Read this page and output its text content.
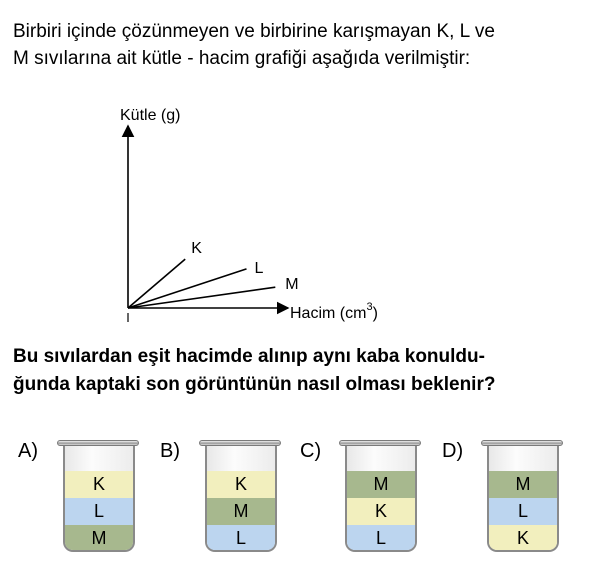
Birbiri içinde çözünmeyen ve birbirine karışmayan K, L ve
M sıvılarına ait kütle - hacim grafiği aşağıda verilmiştir:
Kütle (g)
Hacim $(cm^3)$
K
L
M
Bu sıvılardan eşit hacimde alınıp aynı kaba konuldu-
ğunda kaptaki son görüntünün nasıl olması beklenir?
A)
K
L
M
B)
K
M
L
C)
M
K
L
D)
M
L
K
